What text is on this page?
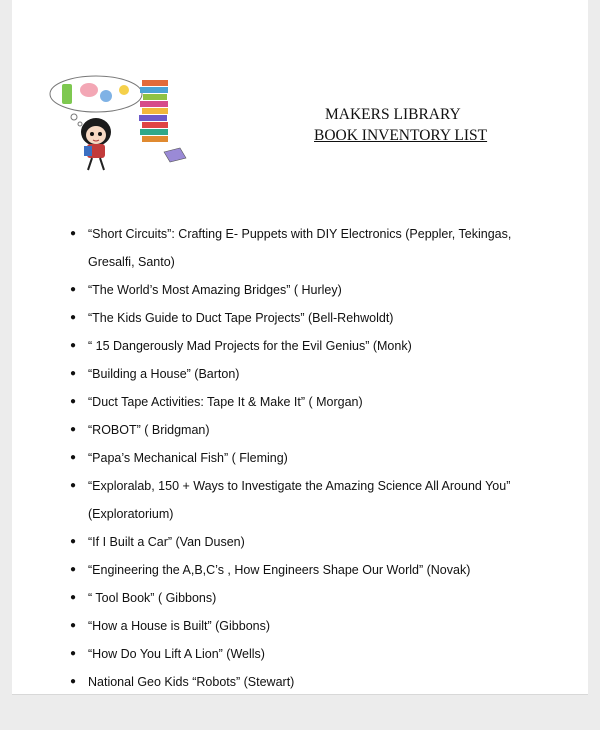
MAKERS LIBRARY
BOOK INVENTORY LIST
● “Short Circuits”: Crafting E- Puppets with DIY Electronics (Peppler, Tekingas, Gresalfi, Santo)
● “The World’s Most Amazing Bridges” ( Hurley)
● “The Kids Guide to Duct Tape Projects” (Bell-Rehwoldt)
● “ 15 Dangerously Mad Projects for the Evil Genius” (Monk)
● “Building a House” (Barton)
● “Duct Tape Activities: Tape It & Make It” ( Morgan)
● “ROBOT” ( Bridgman)
● “Papa’s Mechanical Fish” ( Fleming)
● “Exploralab, 150 + Ways to Investigate the Amazing Science All Around You” (Exploratorium)
● “If I Built a Car” (Van Dusen)
● “Engineering the A,B,C’s , How Engineers Shape Our World” (Novak)
● “ Tool Book” ( Gibbons)
● “How a House is Built” (Gibbons)
● “How Do You Lift A Lion” (Wells)
● National Geo Kids “Robots” (Stewart)
